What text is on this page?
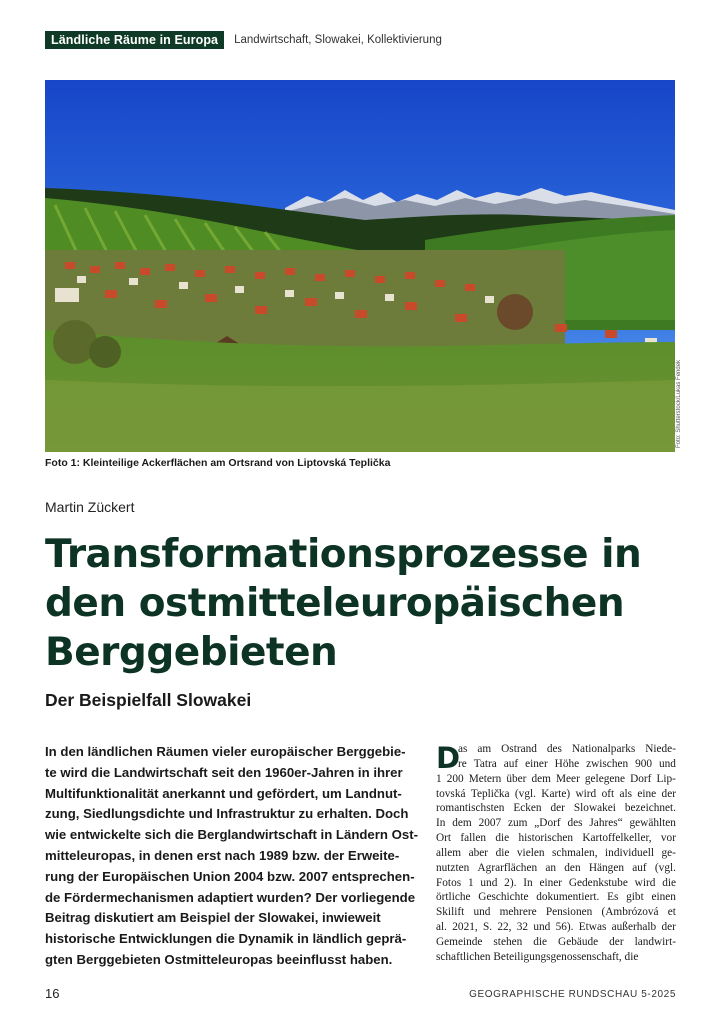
Ländliche Räume in Europa	Landwirtschaft, Slowakei, Kollektivierung
Foto: Shutterstock/Lukas Fendek
Foto 1: Kleinteilige Ackerflächen am Ortsrand von Liptovská Teplička
Martin Zückert
Transformationsprozesse in den ostmitteleuropäischen Berggebieten
Der Beispielfall Slowakei
In den ländlichen Räumen vieler europäischer Berggebie-
te wird die Landwirtschaft seit den 1960er-Jahren in ihrer
Multifunktionalität anerkannt und gefördert, um Landnut-
zung, Siedlungsdichte und Infrastruktur zu erhalten. Doch
wie entwickelte sich die Berglandwirtschaft in Ländern Ost-
mitteleuropas, in denen erst nach 1989 bzw. der Erweite-
rung der Europäischen Union 2004 bzw. 2007 entsprechen-
de Fördermechanismen adaptiert wurden? Der vorliegende
Beitrag diskutiert am Beispiel der Slowakei, inwieweit
historische Entwicklungen die Dynamik in ländlich geprä-
gten Berggebieten Ostmitteleuropas beeinflusst haben.
D
as am Ostrand des Nationalparks Niede-
re Tatra auf einer Höhe zwischen 900 und
1 200 Metern über dem Meer gelegene Dorf Lip-
tovská Teplička (vgl. Karte) wird oft als eine der
romantischsten Ecken der Slowakei bezeichnet.
In dem 2007 zum „Dorf des Jahres“ gewählten
Ort fallen die historischen Kartoffelkeller, vor
allem aber die vielen schmalen, individuell ge-
nutzten Agrarflächen an den Hängen auf (vgl.
Fotos 1 und 2). In einer Gedenkstube wird die
örtliche Geschichte dokumentiert. Es gibt einen
Skilift und mehrere Pensionen (Ambrózová et
al. 2021, S. 22, 32 und 56). Etwas außerhalb der
Gemeinde stehen die Gebäude der landwirt-
schaftlichen Beteiligungsgenossenschaft, die
16	GEOGRAPHISCHE RUNDSCHAU 5-2025
